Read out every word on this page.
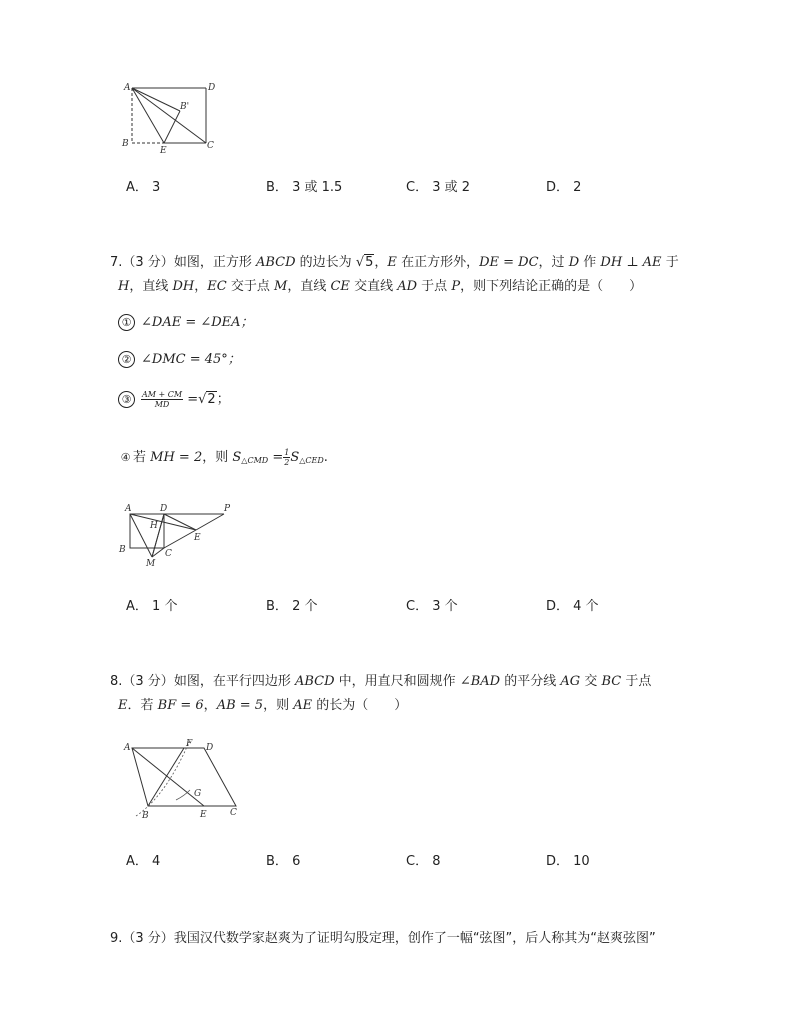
A	D
B'
B
E	C
A． 3	B． 3 或 1.5	C． 3 或 2	D． 2
7.（3 分）如图，正方形 ABCD 的边长为 √5，E 在正方形外，DE = DC，过 D 作 DH ⊥ AE 于
H，直线 DH，EC 交于点 M，直线 CE 交直线 AD 于点 P，则下列结论正确的是（　　）
① ∠DAE = ∠DEA；
② ∠DMC = 45°；
③ $\frac{AM + CM}{MD} =√2$；
④ 若 MH = 2，则 $S_{\triangle CMD} = \frac{1}{2} S_{\triangle CED}$.
A	D	P
H
E
B	C
M
A． 1 个	B． 2 个	C． 3 个	D． 4 个
8.（3 分）如图，在平行四边形 ABCD 中，用直尺和圆规作 ∠BAD 的平分线 AG 交 BC 于点
E．若 BF = 6，AB = 5，则 AE 的长为（　　）
A	F D
G
B	E	C
A． 4	B． 6	C． 8	D． 10
9.（3 分）我国汉代数学家赵爽为了证明勾股定理，创作了一幅“弦图”，后人称其为“赵爽弦图”
